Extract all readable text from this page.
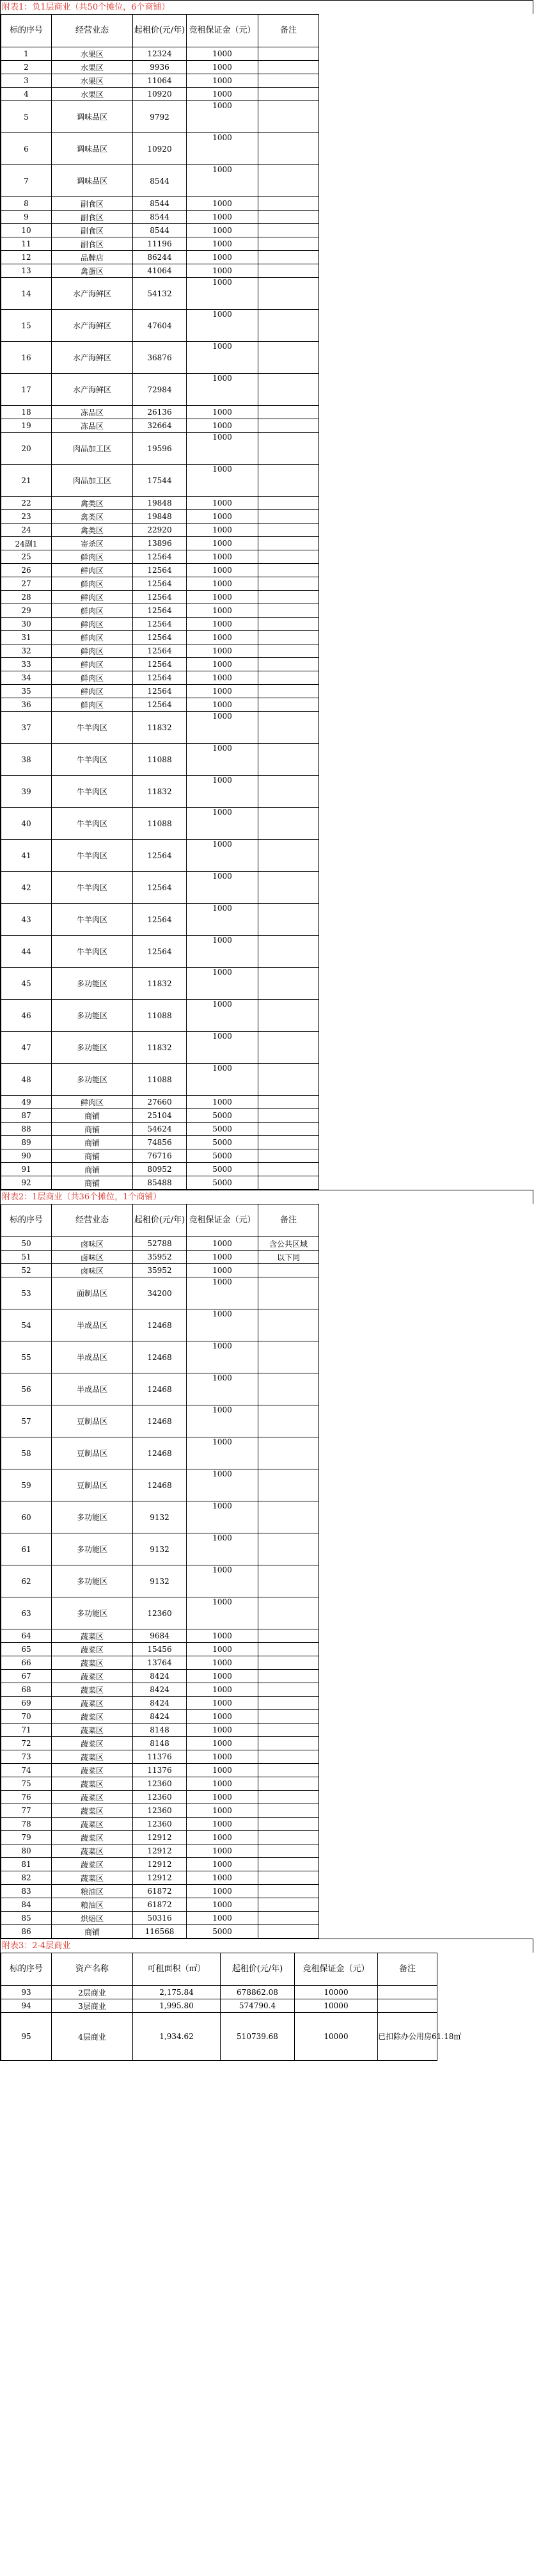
附表1：负1层商业（共50个摊位，6个商铺）
标的序号	经营业态	起租价(元/年)	竞租保证金（元）	备注	
1	水果区	12324	1000		
2	水果区	9936	1000		
3	水果区	11064	1000		
4	水果区	10920	1000		
5	调味品区	9792	1000		
6	调味品区	10920	1000		
7	调味品区	8544	1000		
8	副食区	8544	1000		
9	副食区	8544	1000		
10	副食区	8544	1000		
11	副食区	11196	1000		
12	品牌店	86244	1000		
13	禽蛋区	41064	1000		
14	水产海鲜区	54132	1000		
15	水产海鲜区	47604	1000		
16	水产海鲜区	36876	1000		
17	水产海鲜区	72984	1000		
18	冻品区	26136	1000		
19	冻品区	32664	1000		
20	肉品加工区	19596	1000		
21	肉品加工区	17544	1000		
22	禽类区	19848	1000		
23	禽类区	19848	1000		
24	禽类区	22920	1000		
24副1	寄杀区	13896	1000		
25	鲜肉区	12564	1000		
26	鲜肉区	12564	1000		
27	鲜肉区	12564	1000		
28	鲜肉区	12564	1000		
29	鲜肉区	12564	1000		
30	鲜肉区	12564	1000		
31	鲜肉区	12564	1000		
32	鲜肉区	12564	1000		
33	鲜肉区	12564	1000		
34	鲜肉区	12564	1000		
35	鲜肉区	12564	1000		
36	鲜肉区	12564	1000		
37	牛羊肉区	11832	1000		
38	牛羊肉区	11088	1000		
39	牛羊肉区	11832	1000		
40	牛羊肉区	11088	1000		
41	牛羊肉区	12564	1000		
42	牛羊肉区	12564	1000		
43	牛羊肉区	12564	1000		
44	牛羊肉区	12564	1000		
45	多功能区	11832	1000		
46	多功能区	11088	1000		
47	多功能区	11832	1000		
48	多功能区	11088	1000		
49	鲜肉区	27660	1000		
87	商铺	25104	5000		
88	商铺	54624	5000		
89	商铺	74856	5000		
90	商铺	76716	5000		
91	商铺	80952	5000		
92	商铺	85488	5000		
附表2：1层商业（共36个摊位，1个商铺）
标的序号	经营业态	起租价(元/年)	竞租保证金（元）	备注	
50	卤味区	52788	1000	含公共区域	
51	卤味区	35952	1000	以下同	
52	卤味区	35952	1000		
53	面制品区	34200	1000		
54	半成品区	12468	1000		
55	半成品区	12468	1000		
56	半成品区	12468	1000		
57	豆制品区	12468	1000		
58	豆制品区	12468	1000		
59	豆制品区	12468	1000		
60	多功能区	9132	1000		
61	多功能区	9132	1000		
62	多功能区	9132	1000		
63	多功能区	12360	1000		
64	蔬菜区	9684	1000		
65	蔬菜区	15456	1000		
66	蔬菜区	13764	1000		
67	蔬菜区	8424	1000		
68	蔬菜区	8424	1000		
69	蔬菜区	8424	1000		
70	蔬菜区	8424	1000		
71	蔬菜区	8148	1000		
72	蔬菜区	8148	1000		
73	蔬菜区	11376	1000		
74	蔬菜区	11376	1000		
75	蔬菜区	12360	1000		
76	蔬菜区	12360	1000		
77	蔬菜区	12360	1000		
78	蔬菜区	12360	1000		
79	蔬菜区	12912	1000		
80	蔬菜区	12912	1000		
81	蔬菜区	12912	1000		
82	蔬菜区	12912	1000		
83	粮油区	61872	1000		
84	粮油区	61872	1000		
85	烘焙区	50316	1000		
86	商铺	116568	5000		
附表3：2-4层商业
标的序号	资产名称	可租面积（㎡）	起租价(元/年)	竞租保证金（元）	备注	
93	2层商业	2,175.84	678862.08	10000		
94	3层商业	1,995.80	574790.4	10000		
95	4层商业	1,934.62	510739.68	10000	已扣除办公用房61.18㎡	
